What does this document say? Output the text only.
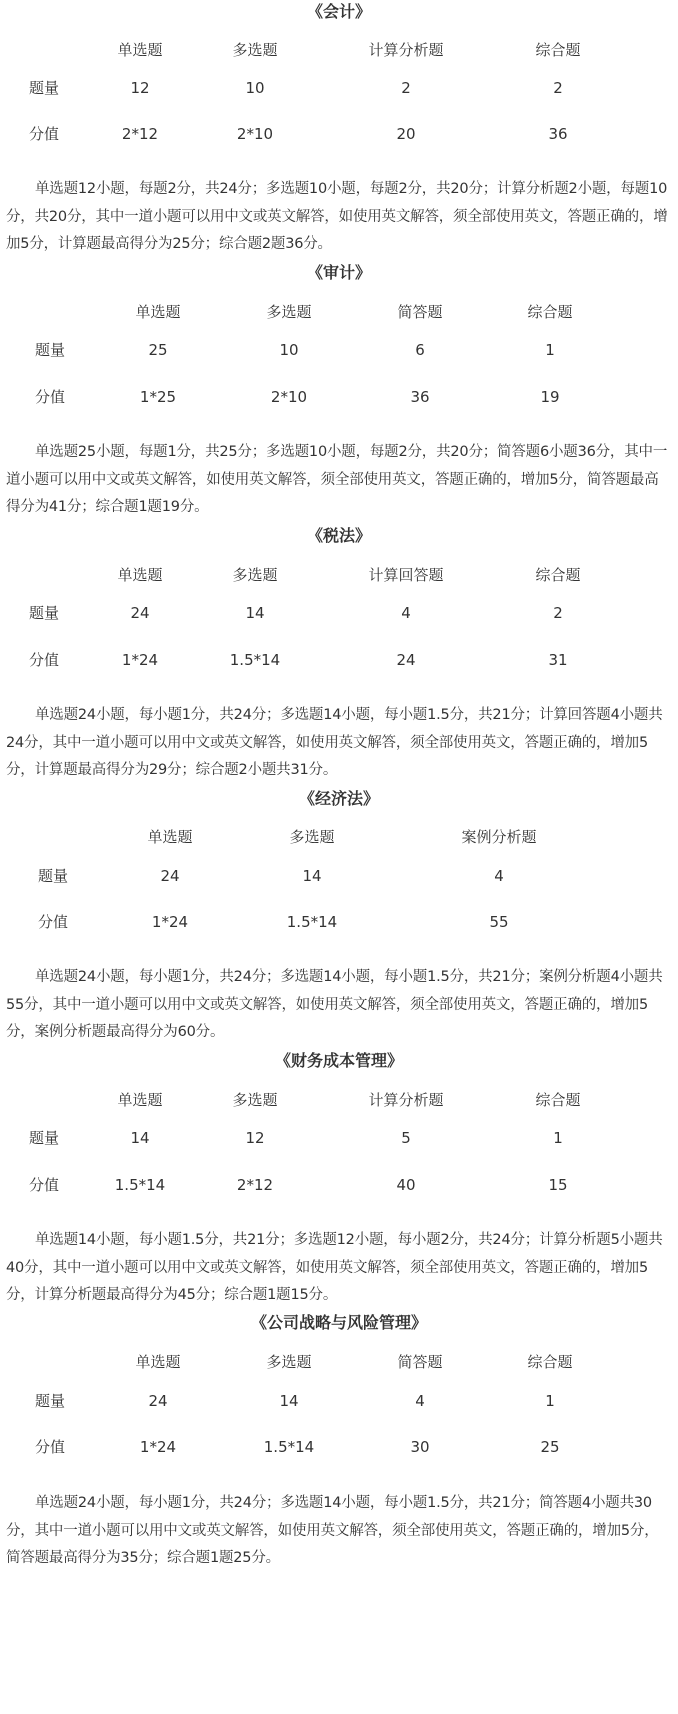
《会计》
单选题	多选题	计算分析题	综合题
题量	12	10	2	2
分值	2*12	2*10	20	36

单选题12小题，每题2分，共24分；多选题10小题，每题2分，共20分；计算分析题2小题，每题10分，共20分，其中一道小题可以用中文或英文解答，如使用英文解答，须全部使用英文，答题正确的，增加5分，计算题最高得分为25分；综合题2题36分。

《审计》
单选题	多选题	简答题	综合题
题量	25	10	6	1
分值	1*25	2*10	36	19

单选题25小题，每题1分，共25分；多选题10小题，每题2分，共20分；简答题6小题36分，其中一道小题可以用中文或英文解答，如使用英文解答，须全部使用英文，答题正确的，增加5分，简答题最高得分为41分；综合题1题19分。

《税法》
单选题	多选题	计算回答题	综合题
题量	24	14	4	2
分值	1*24	1.5*14	24	31

单选题24小题，每小题1分，共24分；多选题14小题，每小题1.5分，共21分；计算回答题4小题共24分，其中一道小题可以用中文或英文解答，如使用英文解答，须全部使用英文，答题正确的，增加5分，计算题最高得分为29分；综合题2小题共31分。

《经济法》
单选题	多选题	案例分析题
题量	24	14	4
分值	1*24	1.5*14	55

单选题24小题，每小题1分，共24分；多选题14小题，每小题1.5分，共21分；案例分析题4小题共55分，其中一道小题可以用中文或英文解答，如使用英文解答，须全部使用英文，答题正确的，增加5分，案例分析题最高得分为60分。

《财务成本管理》
单选题	多选题	计算分析题	综合题
题量	14	12	5	1
分值	1.5*14	2*12	40	15

单选题14小题，每小题1.5分，共21分；多选题12小题，每小题2分，共24分；计算分析题5小题共40分，其中一道小题可以用中文或英文解答，如使用英文解答，须全部使用英文，答题正确的，增加5分，计算分析题最高得分为45分；综合题1题15分。

《公司战略与风险管理》
单选题	多选题	简答题	综合题
题量	24	14	4	1
分值	1*24	1.5*14	30	25

单选题24小题，每小题1分，共24分；多选题14小题，每小题1.5分，共21分；简答题4小题共30分，其中一道小题可以用中文或英文解答，如使用英文解答，须全部使用英文，答题正确的，增加5分，简答题最高得分为35分；综合题1题25分。
